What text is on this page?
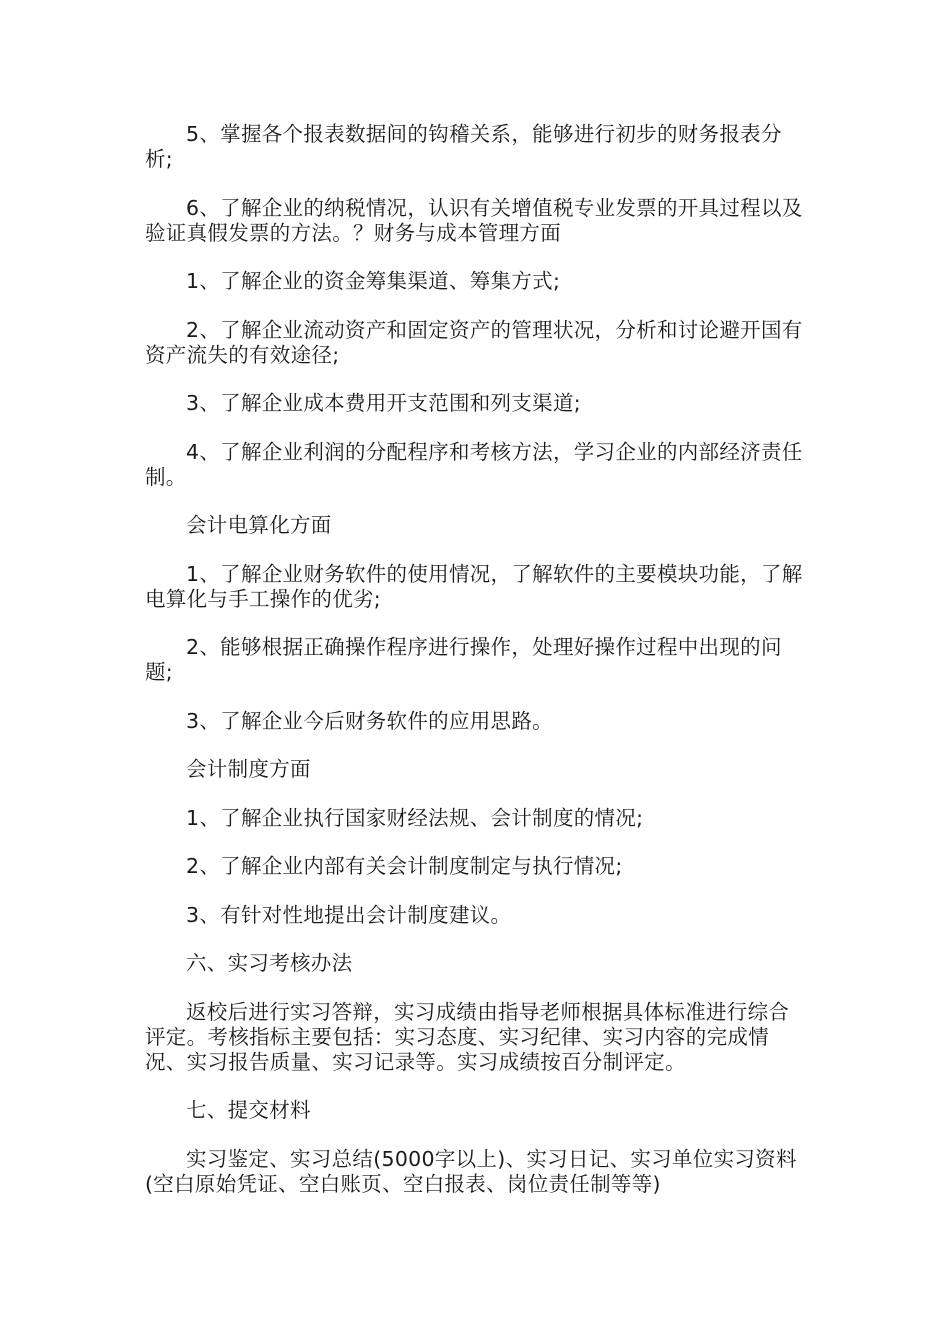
5、掌握各个报表数据间的钩稽关系，能够进行初步的财务报表分析;

6、了解企业的纳税情况，认识有关增值税专业发票的开具过程以及验证真假发票的方法。？财务与成本管理方面

1、了解企业的资金筹集渠道、筹集方式;

2、了解企业流动资产和固定资产的管理状况，分析和讨论避开国有资产流失的有效途径;

3、了解企业成本费用开支范围和列支渠道;

4、了解企业利润的分配程序和考核方法，学习企业的内部经济责任制。

会计电算化方面

1、了解企业财务软件的使用情况，了解软件的主要模块功能，了解电算化与手工操作的优劣;

2、能够根据正确操作程序进行操作，处理好操作过程中出现的问题;

3、了解企业今后财务软件的应用思路。

会计制度方面

1、了解企业执行国家财经法规、会计制度的情况;

2、了解企业内部有关会计制度制定与执行情况;

3、有针对性地提出会计制度建议。

六、实习考核办法

返校后进行实习答辩，实习成绩由指导老师根据具体标准进行综合评定。考核指标主要包括：实习态度、实习纪律、实习内容的完成情况、实习报告质量、实习记录等。实习成绩按百分制评定。

七、提交材料

实习鉴定、实习总结(5000字以上)、实习日记、实习单位实习资料(空白原始凭证、空白账页、空白报表、岗位责任制等等)
